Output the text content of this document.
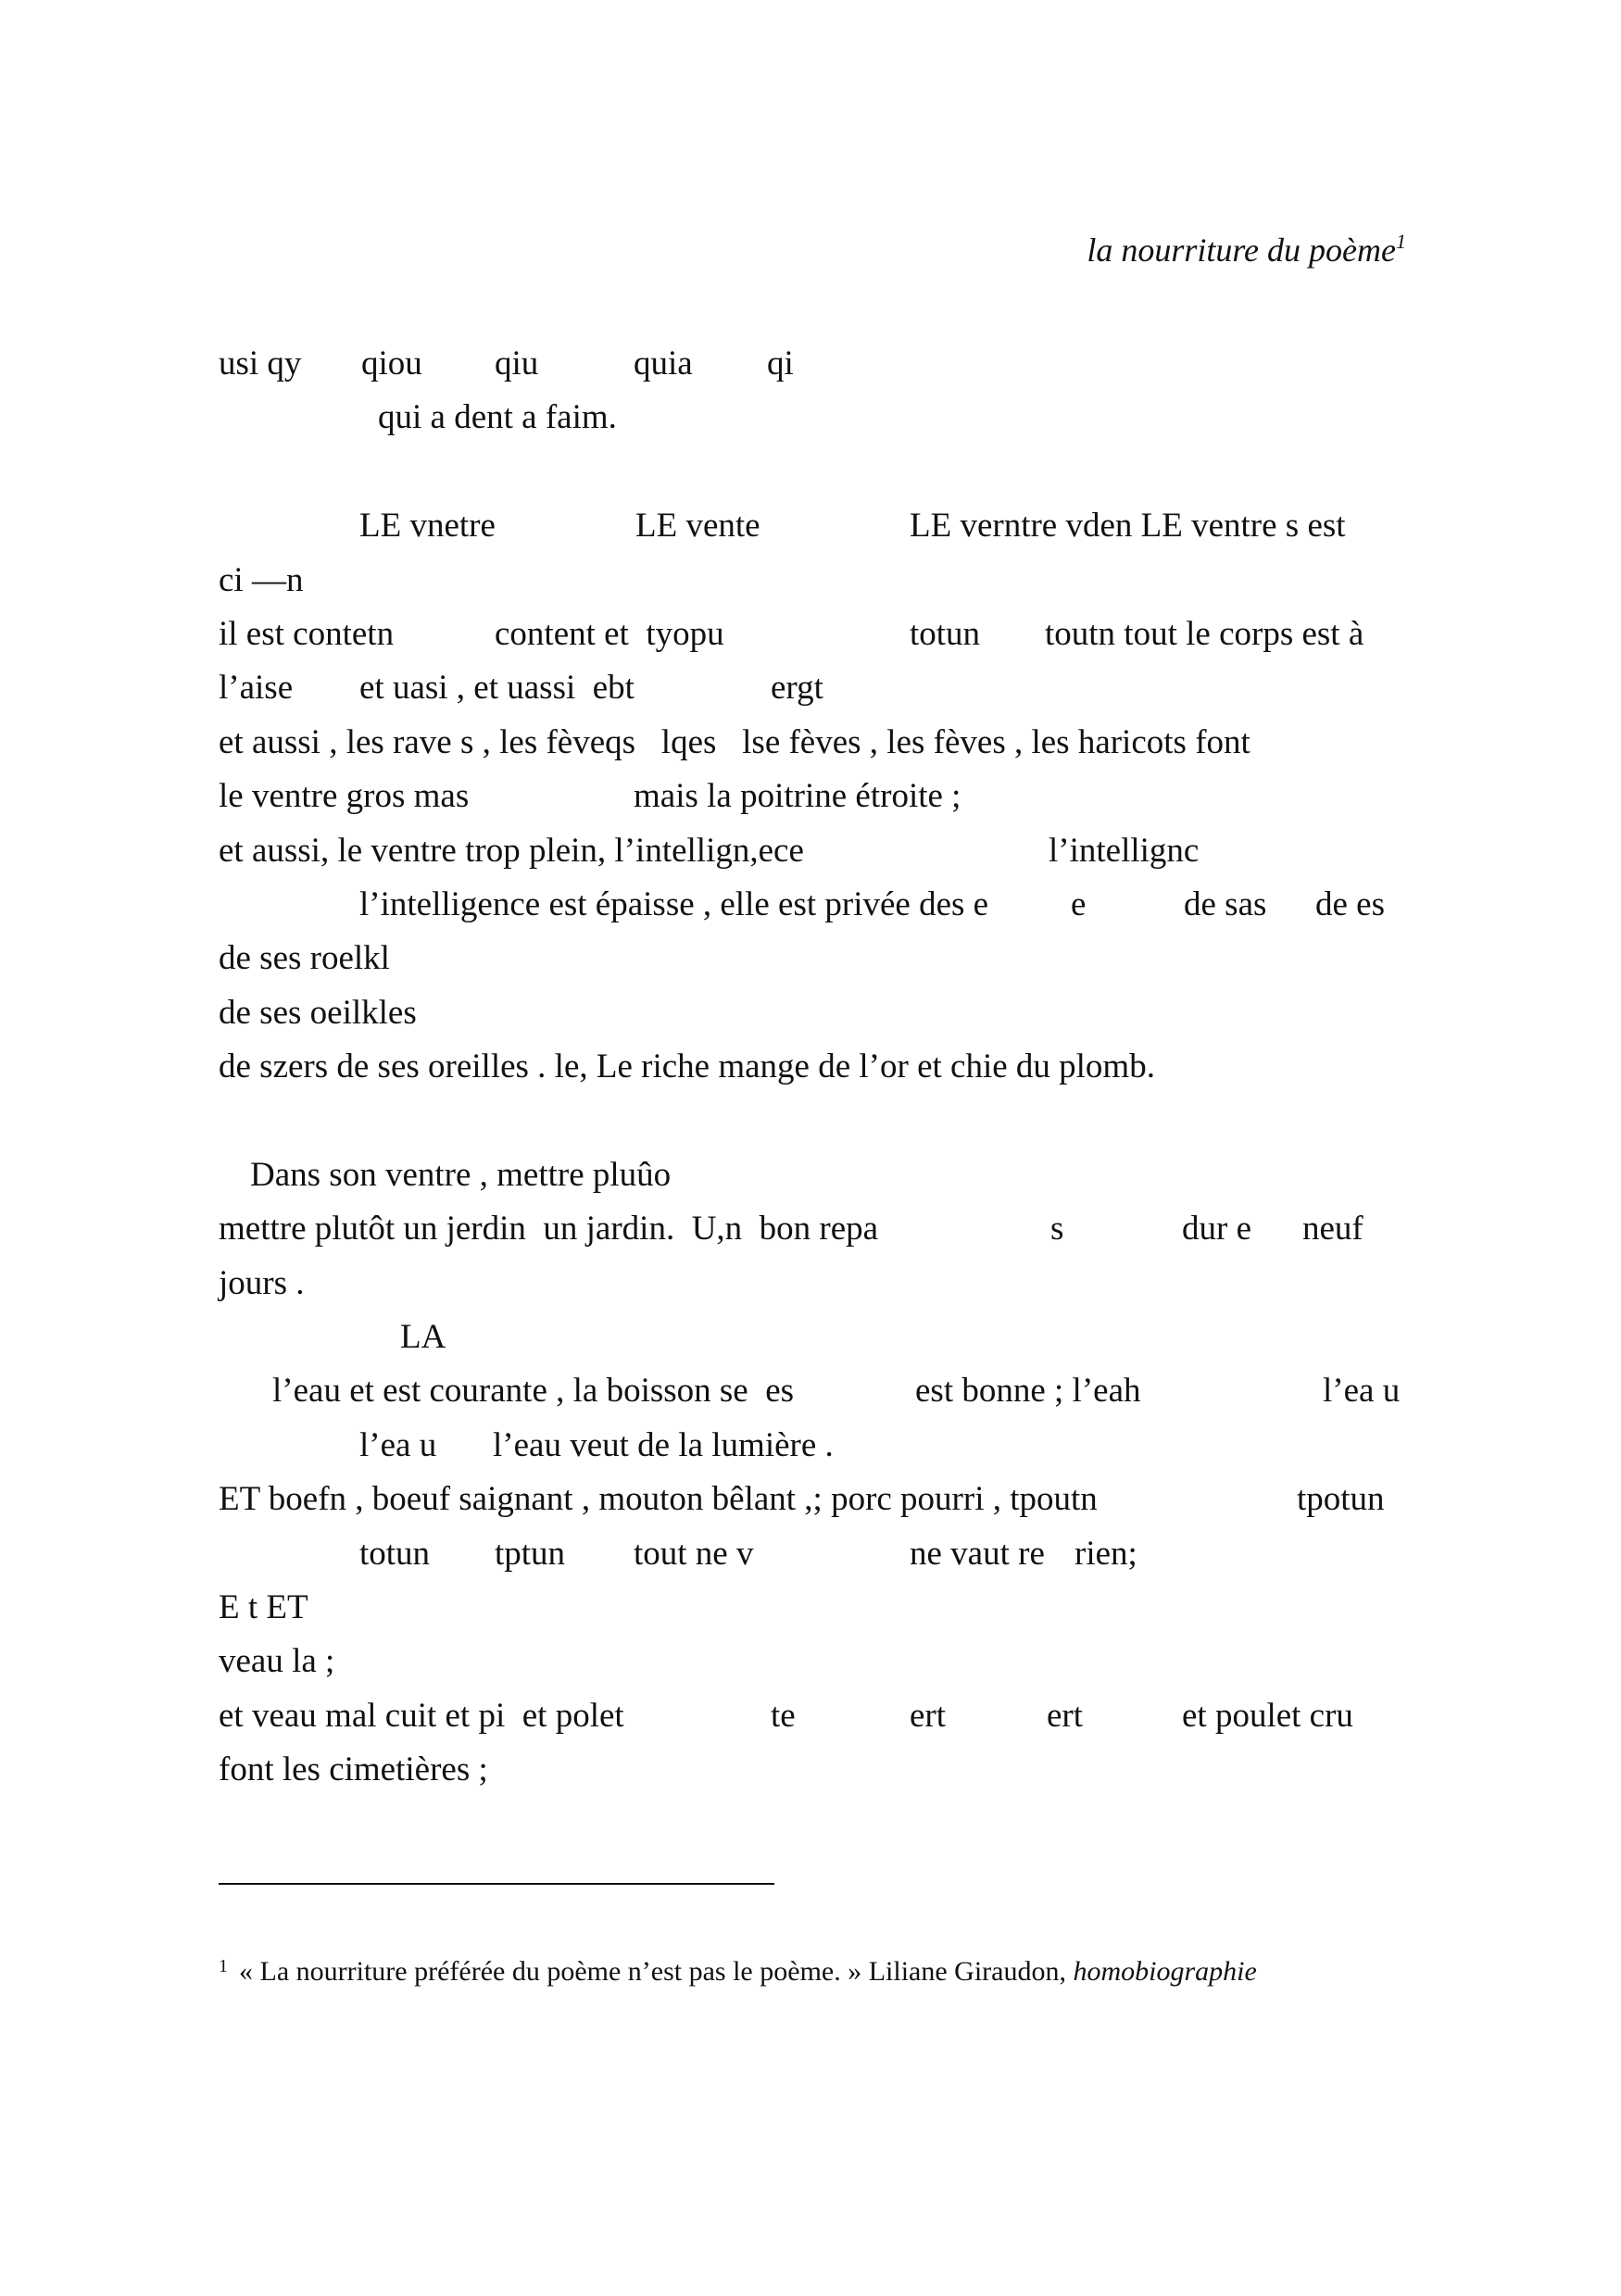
la nourriture du poème$^1$
usi qy qiou qiu	quia qi
qui a dent a faim.
LE vnetre	LE vente	LE verntre vden LE ventre s est
ci —n
il est contetn	content et  tyopu	totun toutn tout le corps est à
l’aise et uasi , et uassi  ebt	ergt
et aussi , les rave s , les fèveqs   lqes   lse fèves , les fèves , les haricots font
le ventre gros mas	mais la poitrine étroite ;
et aussi, le ventre trop plein, l’intellign,ece	l’intellignc
l’intelligence est épaisse , elle est privée des e e	de sas de es
de ses roelkl
de ses oeilkles
de szers de ses oreilles . le, Le riche mange de l’or et chie du plomb.
Dans son ventre , mettre pluûo
mettre plutôt un jerdin  un jardin.  U,n  bon repa	s	dur e neuf
jours .
LA
l’eau et est courante , la boisson se  es	est bonne ; l’eah	l’ea u
l’ea u l’eau veut de la lumière .
ET boefn , boeuf saignant , mouton bêlant ,; porc pourri , tpoutn	tpotun
totun tptun tout ne v	ne vaut re rien;
E t ET
veau la ;
et veau mal cuit et pi  et polet	te	ert	ert	et poulet cru
font les cimetières ;
$^1$ « La nourriture préférée du poème n’est pas le poème. » Liliane Giraudon, homobiographie
